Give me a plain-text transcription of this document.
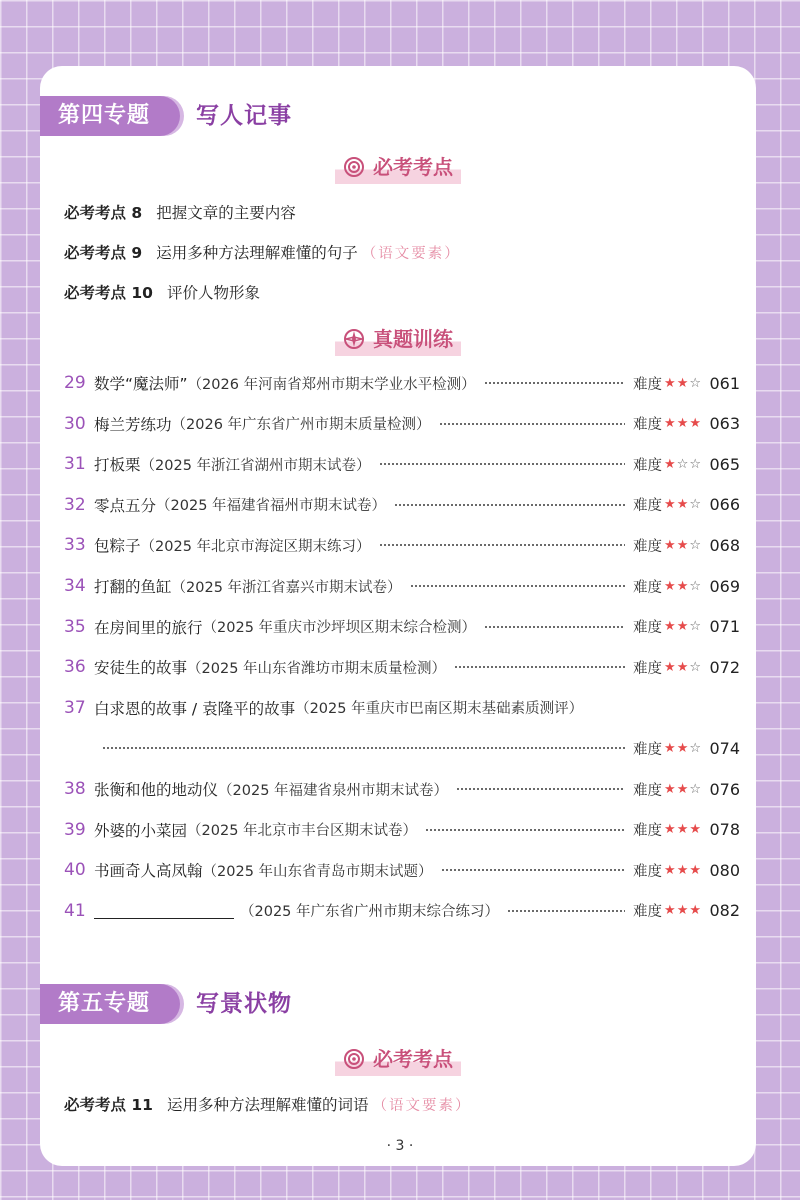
第四专题	写人记事
必考考点
必考考点 8 把握文章的主要内容
必考考点 9 运用多种方法理解难懂的句子 （语文要素）
必考考点 10 评价人物形象
真题训练
29 数学“魔法师” （2026 年河南省郑州市期末学业水平检测）	难度 ★★☆ 061
30 梅兰芳练功 （2026 年广东省广州市期末质量检测）	难度 ★★★ 063
31 打板栗 （2025 年浙江省湖州市期末试卷）	难度 ★☆☆ 065
32 零点五分 （2025 年福建省福州市期末试卷）	难度 ★★☆ 066
33 包粽子 （2025 年北京市海淀区期末练习）	难度 ★★☆ 068
34 打翻的鱼缸 （2025 年浙江省嘉兴市期末试卷）	难度 ★★☆ 069
35 在房间里的旅行 （2025 年重庆市沙坪坝区期末综合检测）	难度 ★★☆ 071
36 安徒生的故事 （2025 年山东省潍坊市期末质量检测）	难度 ★★☆ 072
37 白求恩的故事 / 袁隆平的故事 （2025 年重庆市巴南区期末基础素质测评）
难度 ★★☆ 074
38 张衡和他的地动仪 （2025 年福建省泉州市期末试卷）	难度 ★★☆ 076
39 外婆的小菜园 （2025 年北京市丰台区期末试卷）	难度 ★★★ 078
40 书画奇人高凤翰 （2025 年山东省青岛市期末试题）	难度 ★★★ 080
41	（2025 年广东省广州市期末综合练习）	难度 ★★★ 082
第五专题	写景状物
必考考点
必考考点 11 运用多种方法理解难懂的词语 （语文要素）
· 3 ·
